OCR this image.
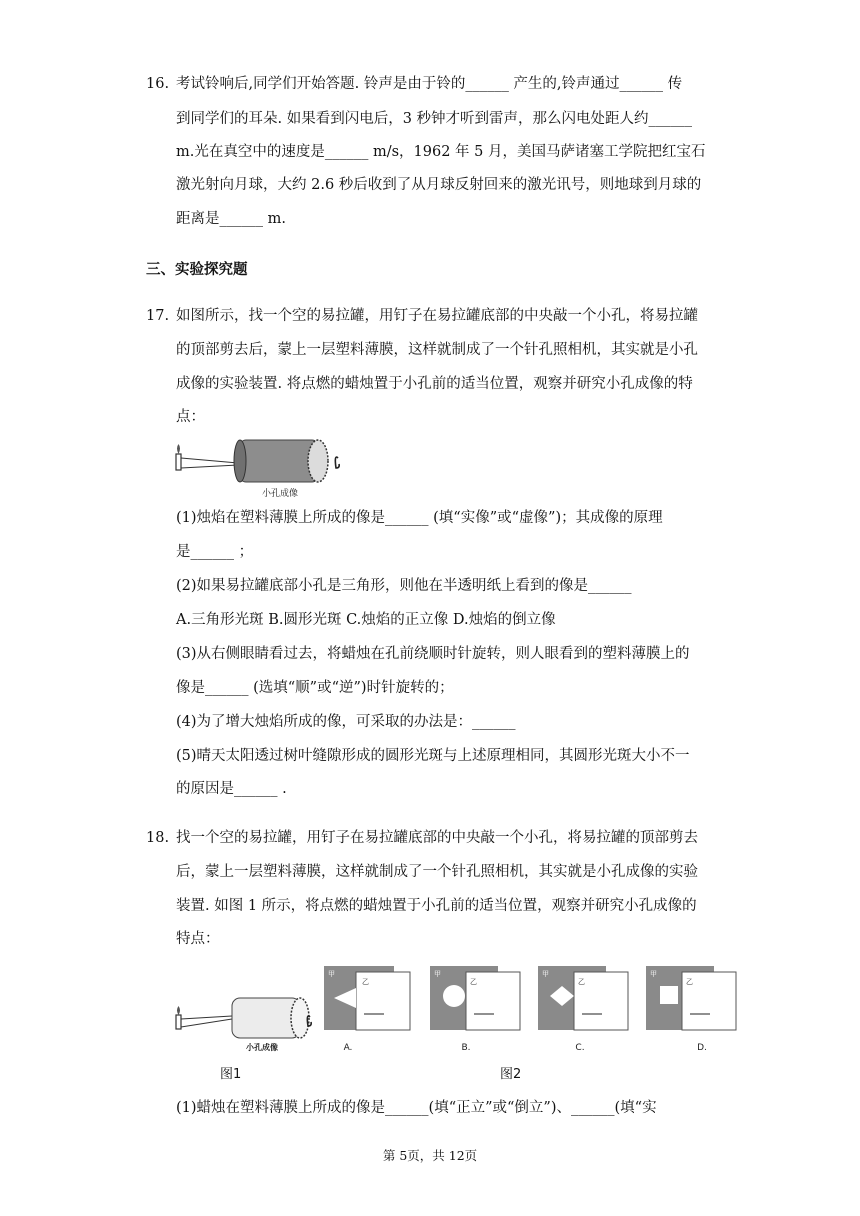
16. 考试铃响后,同学们开始答题. 铃声是由于铃的______ 产生的,铃声通过______ 传
到同学们的耳朵. 如果看到闪电后，3 秒钟才听到雷声，那么闪电处距人约______
m.光在真空中的速度是______ m/s，1962 年 5 月，美国马萨诸塞工学院把红宝石
激光射向月球，大约 2.6 秒后收到了从月球反射回来的激光讯号，则地球到月球的
距离是______ m.
三、实验探究题
17. 如图所示，找一个空的易拉罐，用钉子在易拉罐底部的中央敲一个小孔，将易拉罐
的顶部剪去后，蒙上一层塑料薄膜，这样就制成了一个针孔照相机，其实就是小孔
成像的实验装置. 将点燃的蜡烛置于小孔前的适当位置，观察并研究小孔成像的特
点：
小孔成像
(1)烛焰在塑料薄膜上所成的像是______ (填“实像”或“虚像”)；其成像的原理
是______ ；
(2)如果易拉罐底部小孔是三角形，则他在半透明纸上看到的像是______
A.三角形光斑 B.圆形光斑 C.烛焰的正立像 D.烛焰的倒立像
(3)从右侧眼睛看过去，将蜡烛在孔前绕顺时针旋转，则人眼看到的塑料薄膜上的
像是______ (选填“顺”或“逆”)时针旋转的；
(4)为了增大烛焰所成的像，可采取的办法是：______
(5)晴天太阳透过树叶缝隙形成的圆形光斑与上述原理相同，其圆形光斑大小不一
的原因是______ .
18. 找一个空的易拉罐，用钉子在易拉罐底部的中央敲一个小孔，将易拉罐的顶部剪去
后，蒙上一层塑料薄膜，这样就制成了一个针孔照相机，其实就是小孔成像的实验
装置. 如图 1 所示，将点燃的蜡烛置于小孔前的适当位置，观察并研究小孔成像的
特点：
小孔成像
甲
乙
A.
甲
乙
B.
甲
乙
C.
甲
乙
D.
图1	图2
(1)蜡烛在塑料薄膜上所成的像是______(填“正立”或“倒立”)、______(填“实
第 5页，共 12页
